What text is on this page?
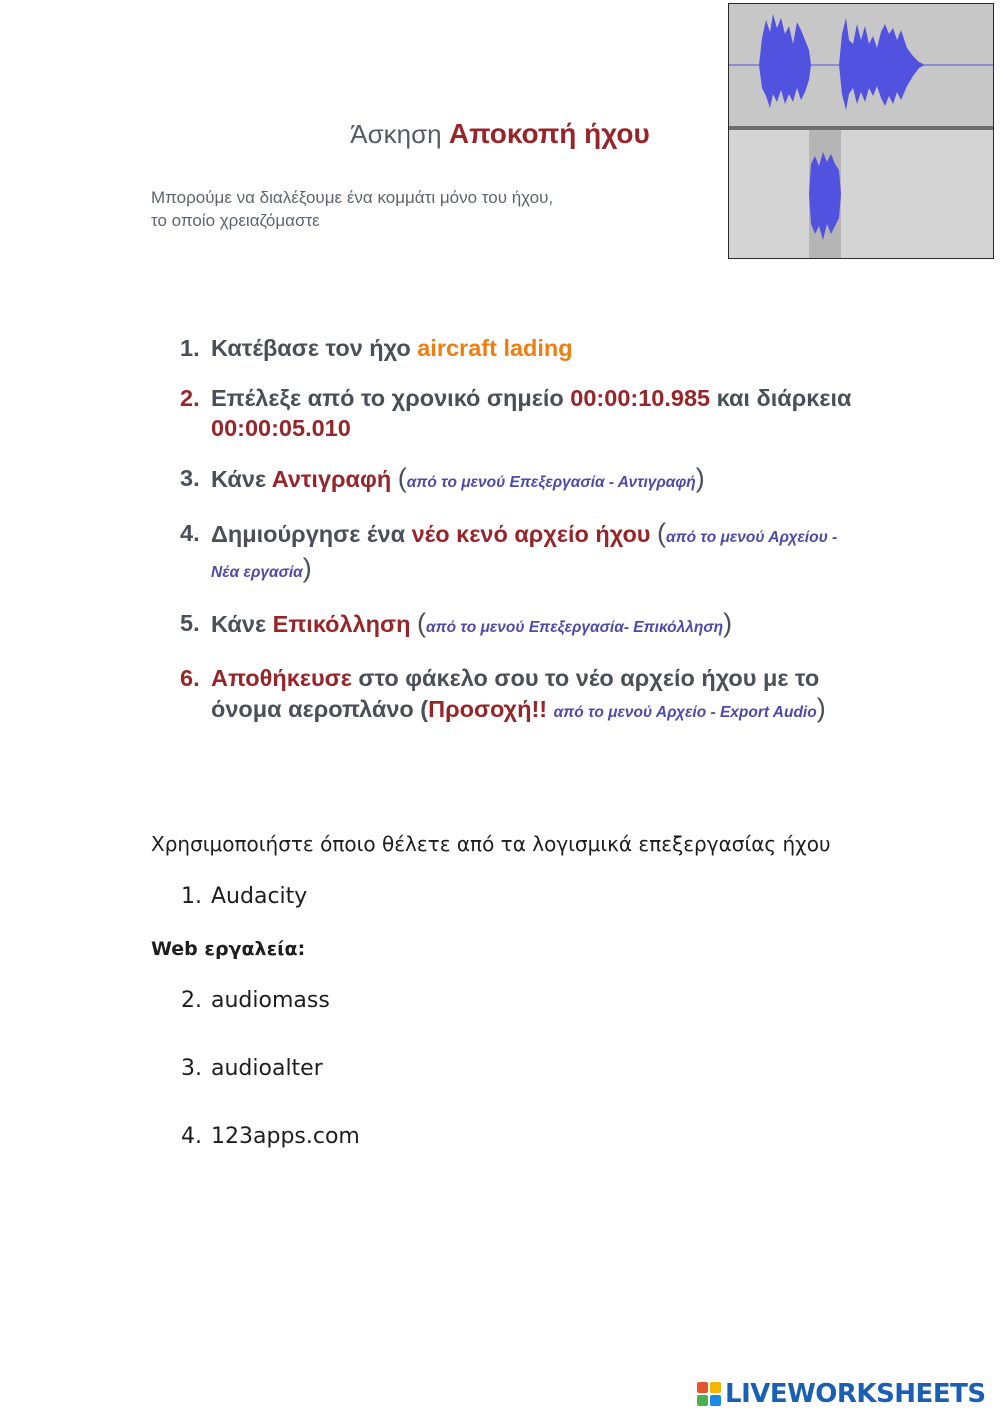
Άσκηση Αποκοπή ήχου
Μπορούμε να διαλέξουμε ένα κομμάτι μόνο του ήχου,
το οποίο χρειαζόμαστε
1. Κατέβασε τον ήχο aircraft lading
2. Επέλεξε από το χρονικό σημείο 00:00:10.985 και διάρκεια 00:00:05.010
3. Κάνε Αντιγραφή (από το μενού Επεξεργασία - Αντιγραφή)
4. Δημιούργησε ένα νέο κενό αρχείο ήχου (από το μενού Αρχείου - Νέα εργασία)
5. Κάνε Επικόλληση (από το μενού Επεξεργασία- Επικόλληση)
6. Αποθήκευσε στο φάκελο σου το νέο αρχείο ήχου με το όνομα αεροπλάνο (Προσοχή!! από το μενού Αρχείο - Export Audio)
Χρησιμοποιήστε όποιο θέλετε από τα λογισμικά επεξεργασίας ήχου
1. Audacity
Web εργαλεία:
2. audiomass
3. audioalter
4. 123apps.com
LIVEWORKSHEETS
